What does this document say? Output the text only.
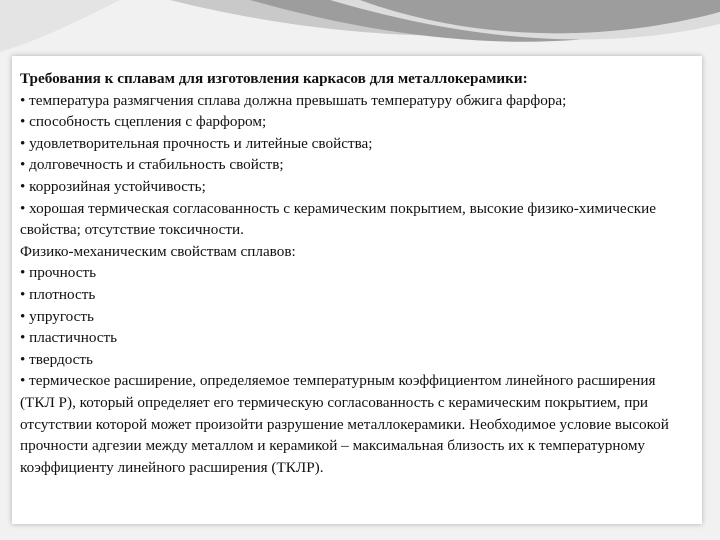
Требования к сплавам для изготовления каркасов для металлокерамики:

• температура размягчения сплава должна превышать температуру обжига фарфора;

• способность сцепления с фарфором;

• удовлетворительная прочность и литейные свойства;

• долговечность и стабильность свойств;

• коррозийная устойчивость;

• хорошая термическая согласованность с керамическим покрытием, высокие физико-химические свойства; отсутствие токсичности.

Физико-механическим свойствам сплавов:

• прочность

• плотность

• упругость

• пластичность

• твердость

• термическое расширение, определяемое температурным коэффициентом линейного расширения (ТКЛ Р), который определяет его термическую согласованность с керамическим покрытием, при отсутствии которой может произойти разрушение металлокерамики. Необходимое условие высокой прочности адгезии между металлом и керамикой – максимальная близость их к температурному коэффициенту линейного расширения (ТКЛР).
